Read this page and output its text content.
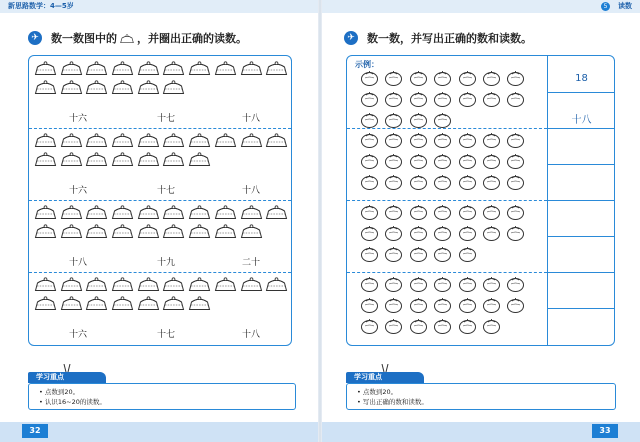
新思路数学：4—5岁
✈ 数一数图中的 ，并圈出正确的读数。
十六	十七	十八
十六	十七	十八
十八	十九	二十
十六	十七	十八
学习重点
• 点数到20。
• 认识16~20的读数。
32
5	读数
✈ 数一数，并写出正确的数和读数。
示例：
18
十八
学习重点
• 点数到20。
• 写出正确的数和读数。
33
